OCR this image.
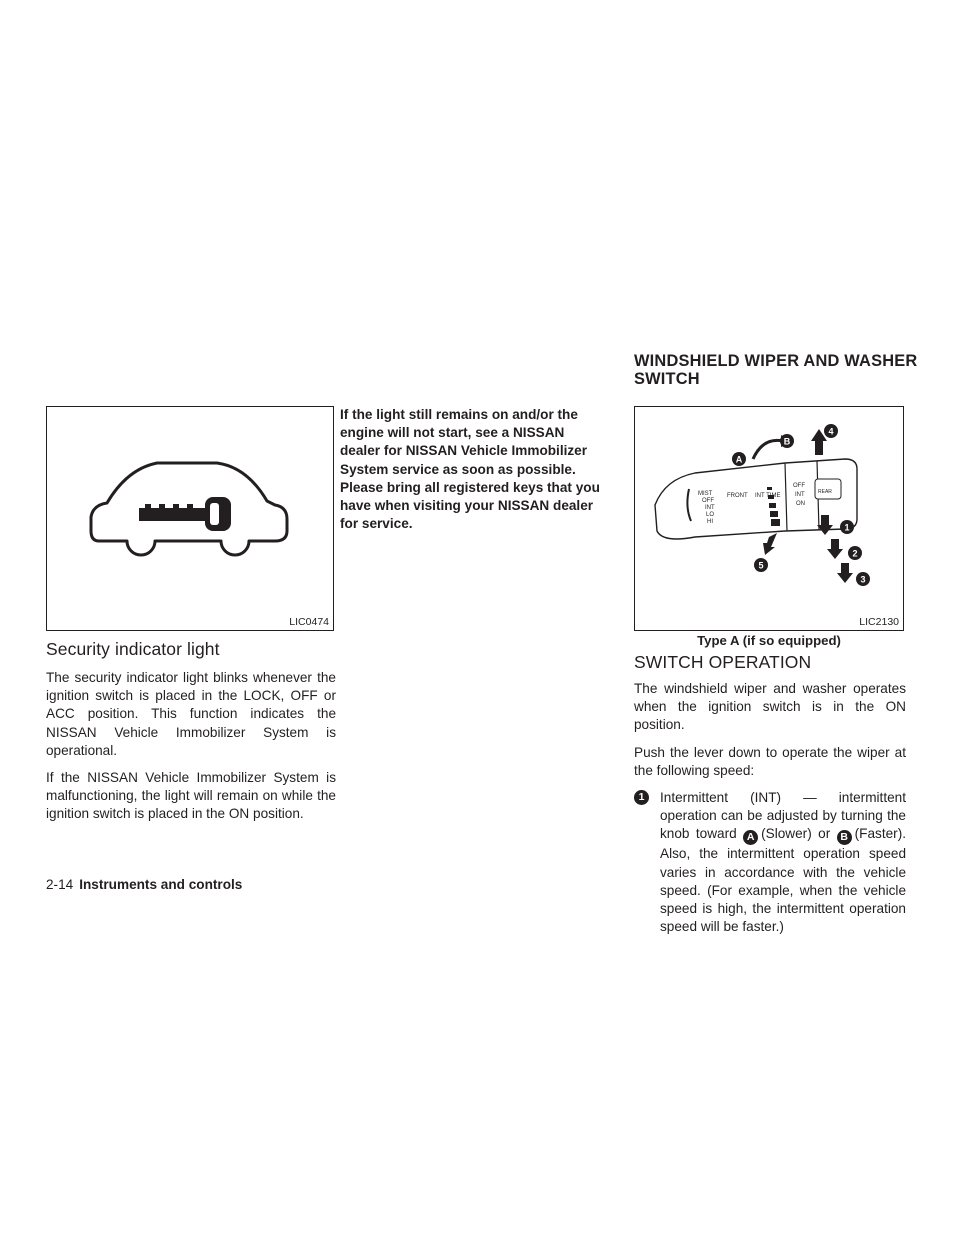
WINDSHIELD WIPER AND WASHER SWITCH

LIC0474

Security indicator light

The security indicator light blinks whenever the ignition switch is placed in the LOCK, OFF or ACC position. This function indicates the NISSAN Vehicle Immobilizer System is operational.

If the NISSAN Vehicle Immobilizer System is malfunctioning, the light will remain on while the ignition switch is placed in the ON position.

If the light still remains on and/or the engine will not start, see a NISSAN dealer for NISSAN Vehicle Immobilizer System service as soon as possible. Please bring all registered keys that you have when visiting your NISSAN dealer for service.

MIST
OFF
INT
LO
HI
FRONT INT TIME
OFF
INT
ON
REAR
A
B
1
2
3
4
5
LIC2130
Type A (if so equipped)

SWITCH OPERATION

The windshield wiper and washer operates when the ignition switch is in the ON position.

Push the lever down to operate the wiper at the following speed:

1	Intermittent (INT) — intermittent operation can be adjusted by turning the knob toward A (Slower) or B (Faster). Also, the intermittent operation speed varies in accordance with the vehicle speed. (For example, when the vehicle speed is high, the intermittent operation speed will be faster.)
2-14 Instruments and controls
